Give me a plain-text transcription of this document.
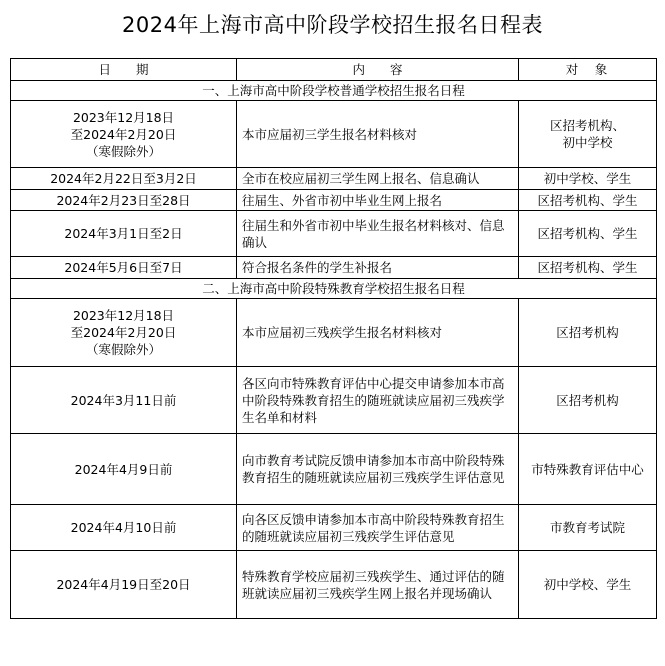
2024年上海市高中阶段学校招生报名日程表
日　　期	内　　容	对　象
一、上海市高中阶段学校普通学校招生报名日程		

2023年12月18日
至2024年2月20日
（寒假除外）	本市应届初三学生报名材料核对	区招考机构、
初中学校

2024年2月22日至3月2日	全市在校应届初三学生网上报名、信息确认	初中学校、学生

2024年2月23日至28日	往届生、外省市初中毕业生网上报名	区招考机构、学生

2024年3月1日至2日	往届生和外省市初中毕业生报名材料核对、信息确认	区招考机构、学生

2024年5月6日至7日	符合报名条件的学生补报名	区招考机构、学生

二、上海市高中阶段特殊教育学校招生报名日程		

2023年12月18日
至2024年2月20日
（寒假除外）	本市应届初三残疾学生报名材料核对	区招考机构

2024年3月11日前	各区向市特殊教育评估中心提交申请参加本市高中阶段特殊教育招生的随班就读应届初三残疾学生名单和材料	区招考机构

2024年4月9日前	向市教育考试院反馈申请参加本市高中阶段特殊教育招生的随班就读应届初三残疾学生评估意见	市特殊教育评估中心

2024年4月10日前	向各区反馈申请参加本市高中阶段特殊教育招生的随班就读应届初三残疾学生评估意见	市教育考试院

2024年4月19日至20日	特殊教育学校应届初三残疾学生、通过评估的随班就读应届初三残疾学生网上报名并现场确认	初中学校、学生
